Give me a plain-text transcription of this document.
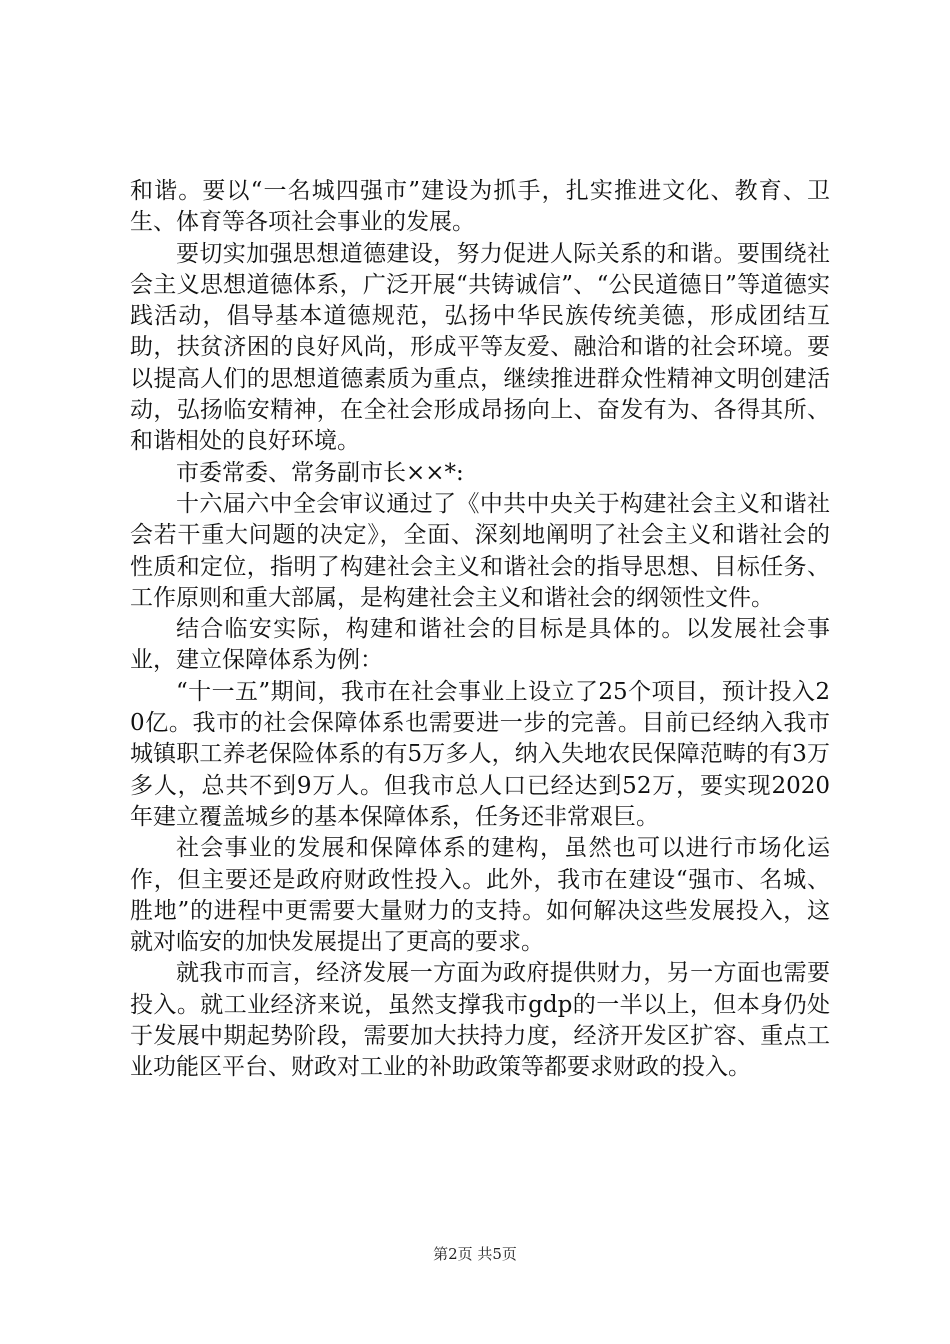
和谐。要以“一名城四强市”建设为抓手，扎实推进文化、教育、卫生、体育等各项社会事业的发展。

要切实加强思想道德建设，努力促进人际关系的和谐。要围绕社会主义思想道德体系，广泛开展“共铸诚信”、“公民道德日”等道德实践活动，倡导基本道德规范，弘扬中华民族传统美德，形成团结互助，扶贫济困的良好风尚，形成平等友爱、融洽和谐的社会环境。要以提高人们的思想道德素质为重点，继续推进群众性精神文明创建活动，弘扬临安精神，在全社会形成昂扬向上、奋发有为、各得其所、和谐相处的良好环境。

市委常委、常务副市长××*:

十六届六中全会审议通过了《中共中央关于构建社会主义和谐社会若干重大问题的决定》，全面、深刻地阐明了社会主义和谐社会的性质和定位，指明了构建社会主义和谐社会的指导思想、目标任务、工作原则和重大部属，是构建社会主义和谐社会的纲领性文件。

结合临安实际，构建和谐社会的目标是具体的。以发展社会事业，建立保障体系为例：

“十一五”期间，我市在社会事业上设立了25个项目，预计投入20亿。我市的社会保障体系也需要进一步的完善。目前已经纳入我市城镇职工养老保险体系的有5万多人，纳入失地农民保障范畴的有3万多人，总共不到9万人。但我市总人口已经达到52万，要实现2020年建立覆盖城乡的基本保障体系，任务还非常艰巨。

社会事业的发展和保障体系的建构，虽然也可以进行市场化运作，但主要还是政府财政性投入。此外，我市在建设“强市、名城、胜地”的进程中更需要大量财力的支持。如何解决这些发展投入，这就对临安的加快发展提出了更高的要求。

就我市而言，经济发展一方面为政府提供财力，另一方面也需要投入。就工业经济来说，虽然支撑我市gdp的一半以上，但本身仍处于发展中期起势阶段，需要加大扶持力度，经济开发区扩容、重点工业功能区平台、财政对工业的补助政策等都要求财政的投入。

第2页 共5页
